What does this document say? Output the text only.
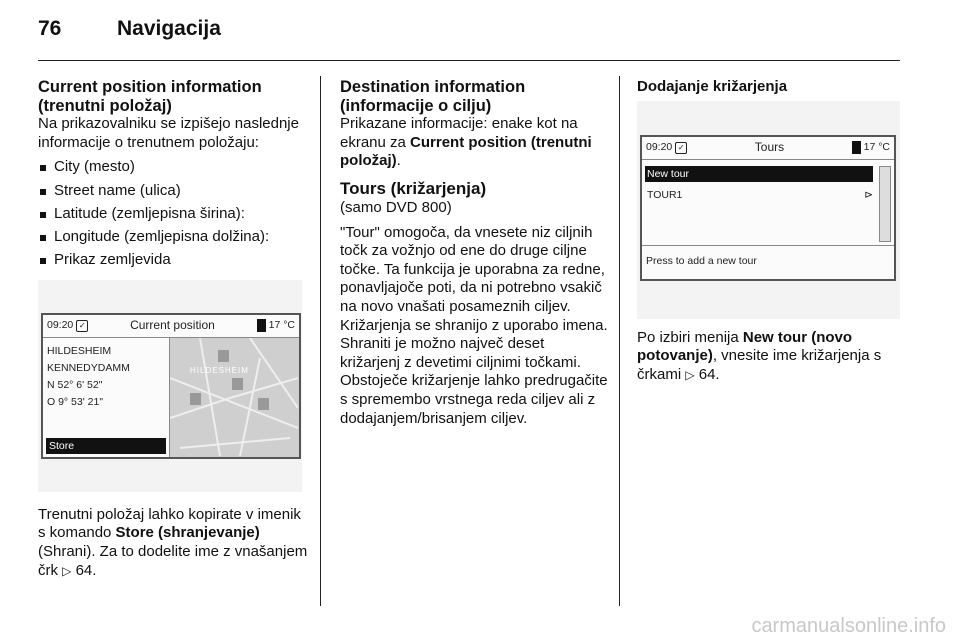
76	Navigacija
Current position information (trenutni položaj)

Na prikazovalniku se izpišejo naslednje informacije o trenutnem položaju:

City (mesto)
Street name (ulica)
Latitude (zemljepisna širina):
Longitude (zemljepisna dolžina):
Prikaz zemljevida
09:20 ✓	Current position	17 °C
HILDESHEIM
KENNEDYDAMM
N 52° 6' 52"
O 9° 53' 21"
Store
HILDESHEIM

Trenutni položaj lahko kopirate v imenik s komando Store (shranjevanje) (Shrani). Za to dodelite ime z vnašanjem črk ▷ 64.

Destination information (informacije o cilju)

Prikazane informacije: enake kot na ekranu za Current position (trenutni položaj).

Tours (križarjenja)

(samo DVD 800)

"Tour" omogoča, da vnesete niz ciljnih točk za vožnjo od ene do druge ciljne točke. Ta funkcija je uporabna za redne, ponavljajoče poti, da ni potrebno vsakič na novo vnašati posameznih ciljev. Križarjenja se shranijo z uporabo imena. Shraniti je možno največ deset križarjenj z devetimi ciljnimi točkami. Obstoječe križarjenje lahko predrugačite s spremembo vrstnega reda ciljev ali z dodajanjem/brisanjem ciljev.

Dodajanje križarjenja
09:20 ✓	Tours	17 °C
New tour
TOUR1	⊳
Press to add a new tour

Po izbiri menija New tour (novo potovanje), vnesite ime križarjenja s črkami ▷ 64.

carmanualsonline.info
